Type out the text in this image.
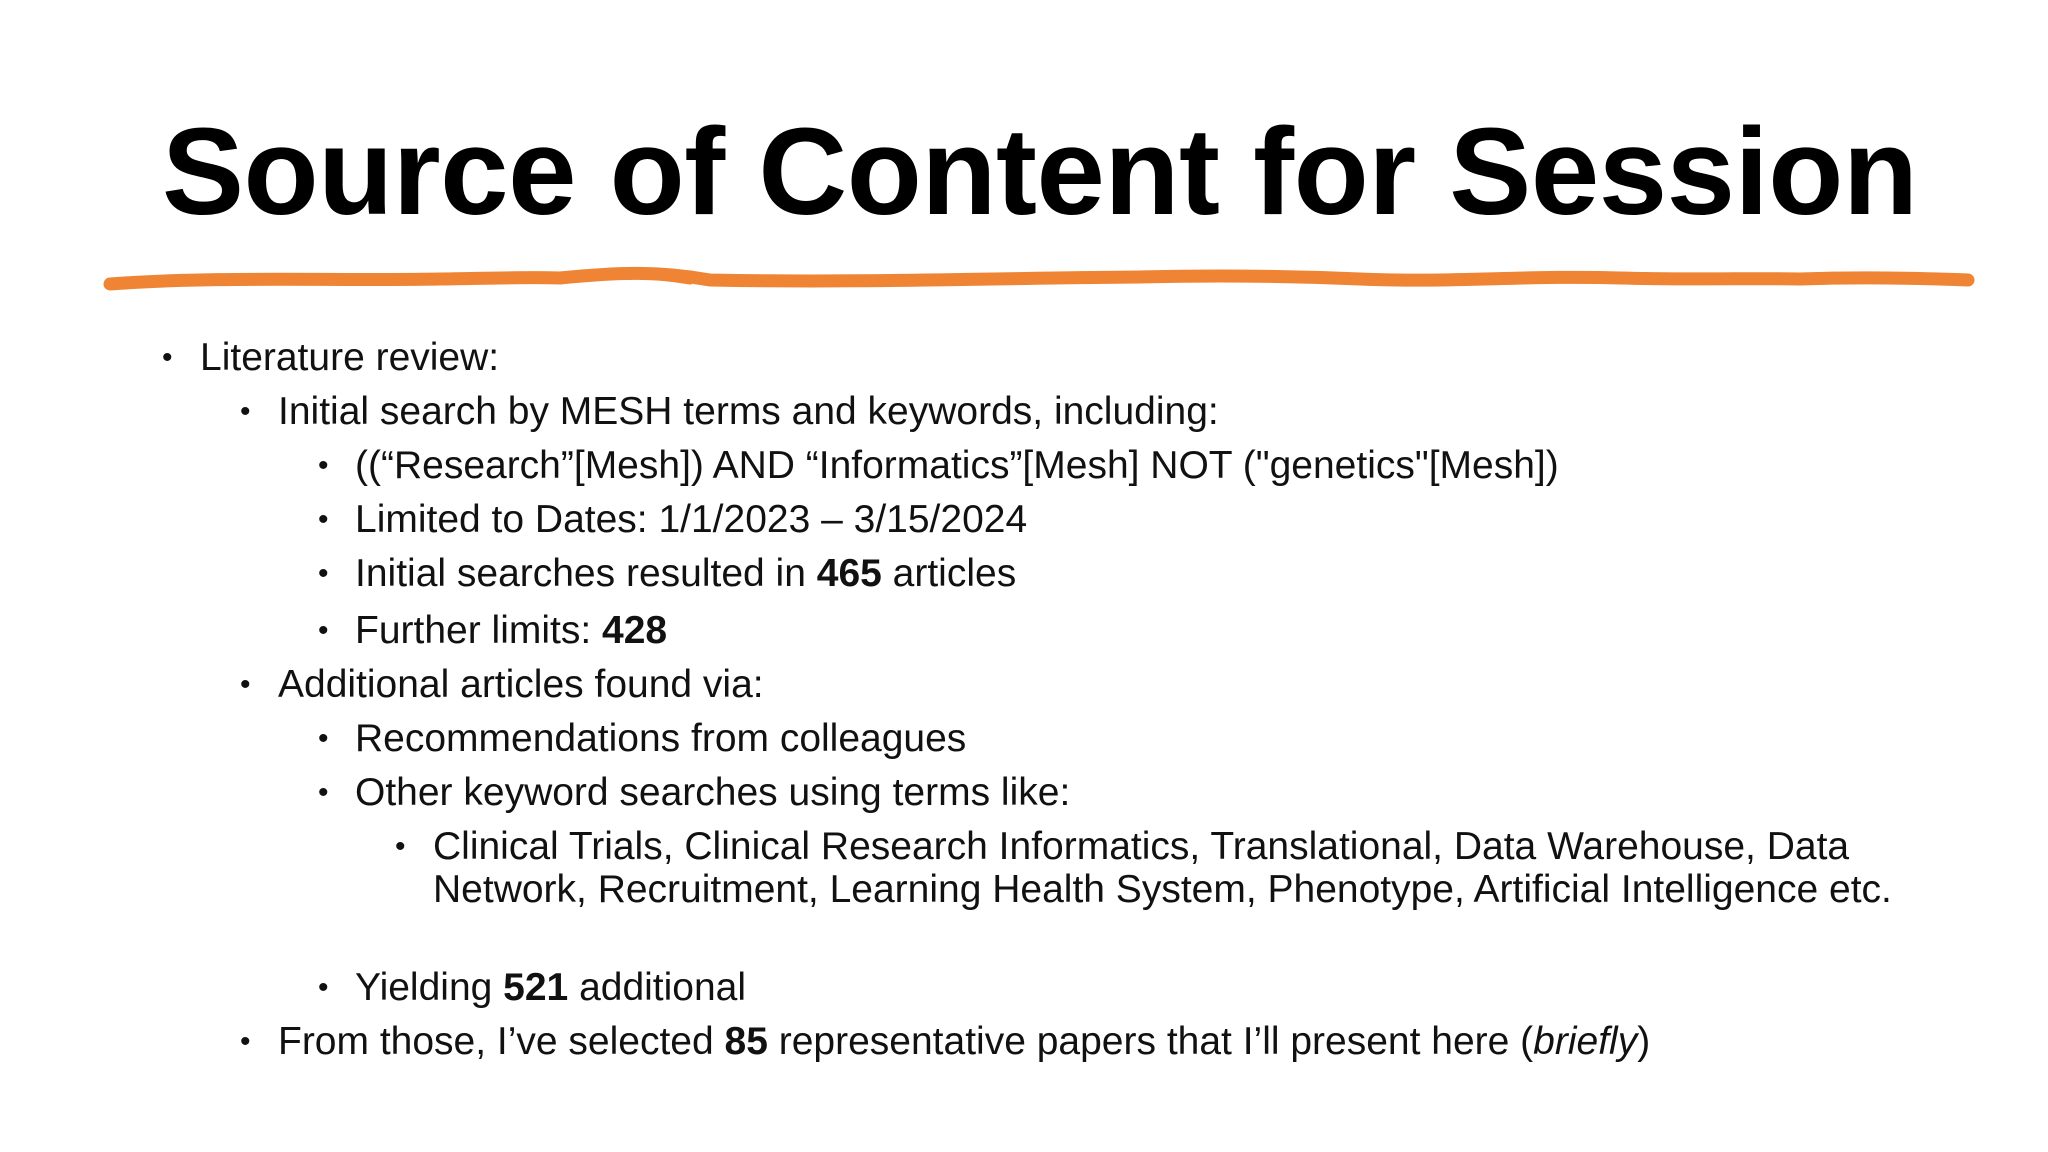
Source of Content for Session
• Literature review:
• Initial search by MESH terms and keywords, including:
• ((“Research”[Mesh]) AND “Informatics”[Mesh] NOT ("genetics"[Mesh])
• Limited to Dates: 1/1/2023 – 3/15/2024
• Initial searches resulted in 465 articles
• Further limits: 428
• Additional articles found via:
• Recommendations from colleagues
• Other keyword searches using terms like:
• Clinical Trials, Clinical Research Informatics, Translational, Data Warehouse, Data Network, Recruitment, Learning Health System, Phenotype, Artificial Intelligence etc.
• Yielding 521 additional
• From those, I’ve selected 85 representative papers that I’ll present here (briefly)
